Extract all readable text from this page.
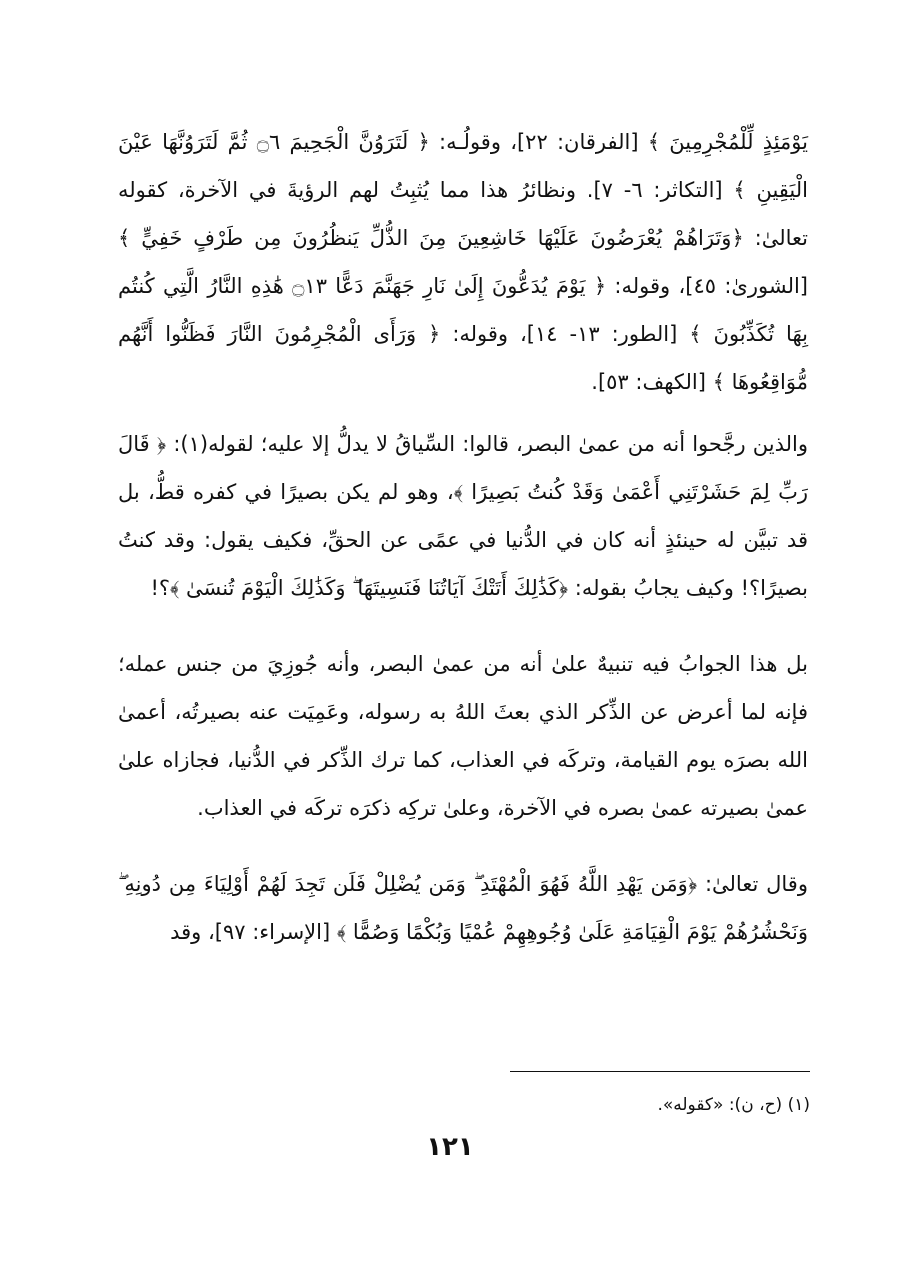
يَوْمَئِذٍ لِّلْمُجْرِمِينَ ﴾ [الفرقان: ٢٢]، وقولُـه: ﴿ لَتَرَوُنَّ الْجَحِيمَ ۝٦ ثُمَّ لَتَرَوُنَّهَا عَيْنَ الْيَقِينِ ﴾ [التكاثر: ٦- ٧]. ونظائرُ هذا مما يُثبِتُ لهم الرؤيةَ في الآخرة، كقوله تعالىٰ: ﴿وَتَرَاهُمْ يُعْرَضُونَ عَلَيْهَا خَاشِعِينَ مِنَ الذُّلِّ يَنظُرُونَ مِن طَرْفٍ خَفِيٍّ ﴾ [الشورىٰ: ٤٥]، وقوله: ﴿ يَوْمَ يُدَعُّونَ إِلَىٰ نَارِ جَهَنَّمَ دَعًّا ۝١٣ هَٰذِهِ النَّارُ الَّتِي كُنتُم بِهَا تُكَذِّبُونَ ﴾ [الطور: ١٣- ١٤]، وقوله: ﴿ وَرَأَى الْمُجْرِمُونَ النَّارَ فَظَنُّوا أَنَّهُم مُّوَاقِعُوهَا ﴾ [الكهف: ٥٣].

والذين رجَّحوا أنه من عمىٰ البصر، قالوا: السِّياقُ لا يدلُّ إلا عليه؛ لقوله(١): ﴿ قَالَ رَبِّ لِمَ حَشَرْتَنِي أَعْمَىٰ وَقَدْ كُنتُ بَصِيرًا ﴾، وهو لم يكن بصيرًا في كفره قطُّ، بل قد تبيَّن له حينئذٍ أنه كان في الدُّنيا في عمًى عن الحقِّ، فكيف يقول: وقد كنتُ بصيرًا؟! وكيف يجابُ بقوله: ﴿كَذَٰلِكَ أَتَتْكَ آيَاتُنَا فَنَسِيتَهَا ۖ وَكَذَٰلِكَ الْيَوْمَ تُنسَىٰ ﴾؟!

بل هذا الجوابُ فيه تنبيهٌ علىٰ أنه من عمىٰ البصر، وأنه جُوزِيَ من جنس عمله؛ فإنه لما أعرض عن الذِّكر الذي بعثَ اللهُ به رسوله، وعَمِيَت عنه بصيرتُه، أعمىٰ الله بصرَه يوم القيامة، وتركَه في العذاب، كما ترك الذِّكر في الدُّنيا، فجازاه علىٰ عمىٰ بصيرته عمىٰ بصره في الآخرة، وعلىٰ تركِه ذكرَه تركَه في العذاب.

وقال تعالىٰ: ﴿وَمَن يَهْدِ اللَّهُ فَهُوَ الْمُهْتَدِ ۖ وَمَن يُضْلِلْ فَلَن تَجِدَ لَهُمْ أَوْلِيَاءَ مِن دُونِهِ ۖ وَنَحْشُرُهُمْ يَوْمَ الْقِيَامَةِ عَلَىٰ وُجُوهِهِمْ عُمْيًا وَبُكْمًا وَصُمًّا ﴾ [الإسراء: ٩٧]، وقد

(١) (ح، ن): «كقوله».
١٢١
